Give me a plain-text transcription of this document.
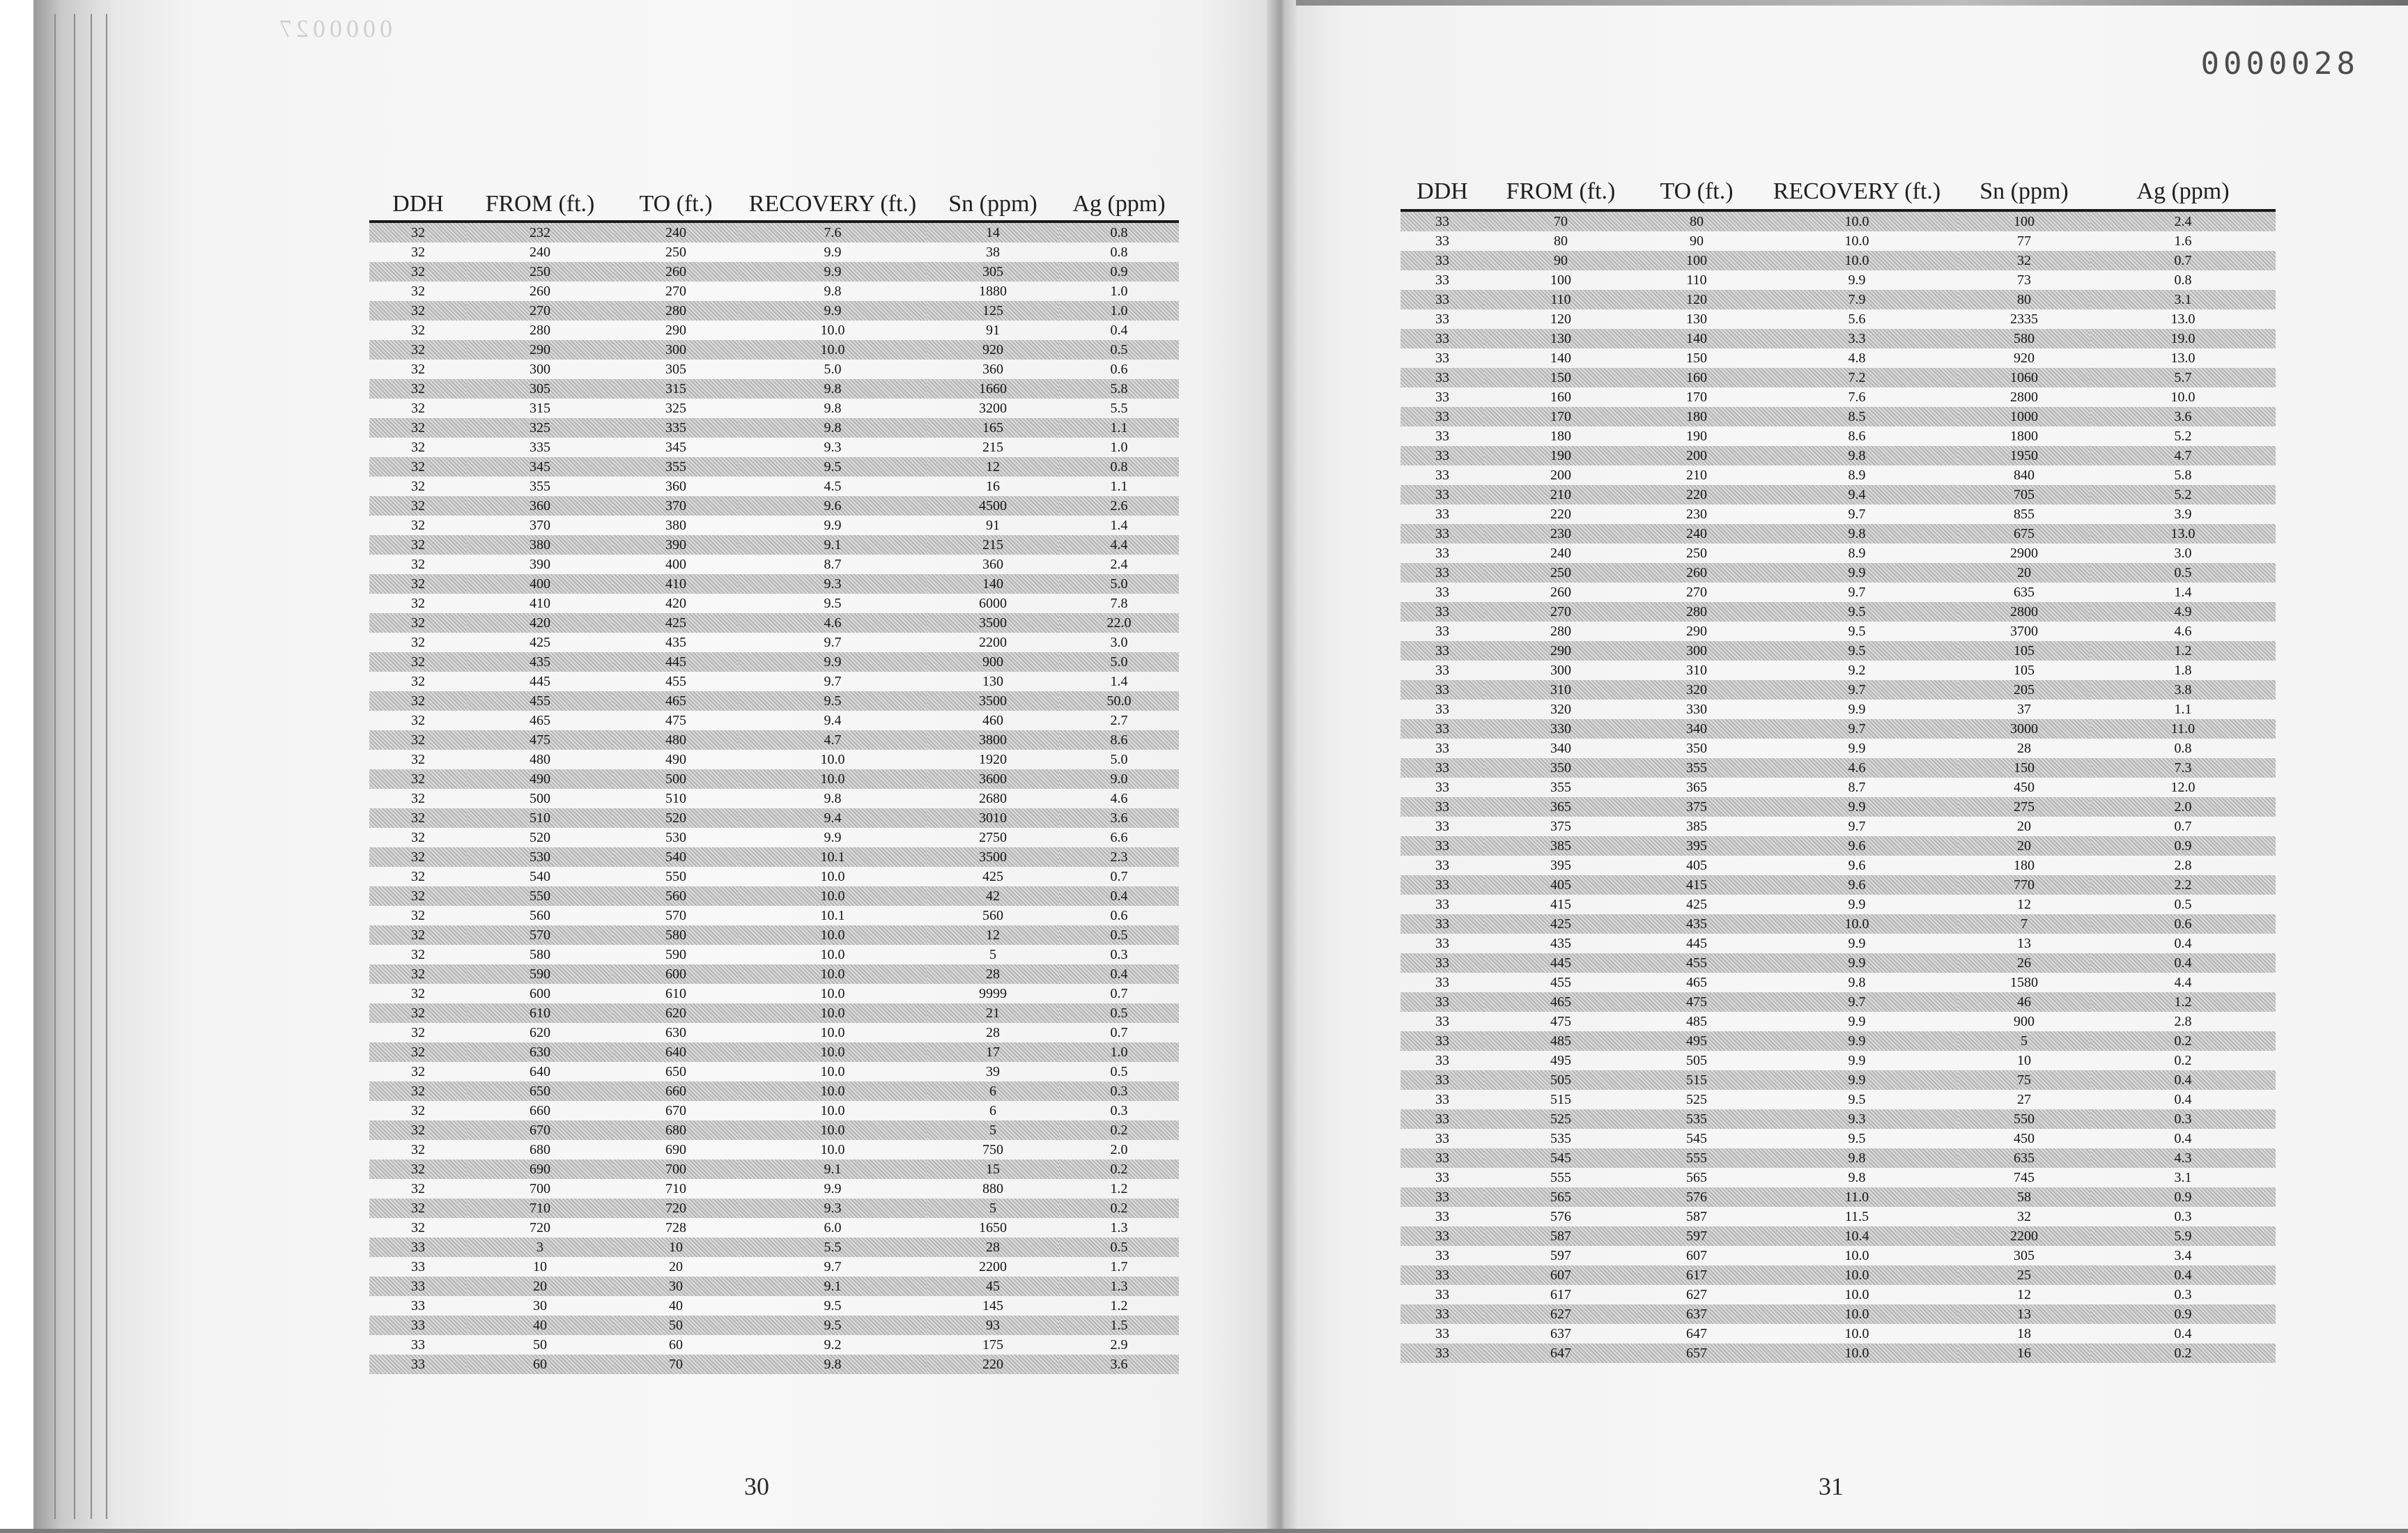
0000027
0000028
DDH	FROM (ft.)	TO (ft.)	RECOVERY (ft.)	Sn (ppm)	Ag (ppm)
32	232	240	7.6	14	0.8
32	240	250	9.9	38	0.8
32	250	260	9.9	305	0.9
32	260	270	9.8	1880	1.0
32	270	280	9.9	125	1.0
32	280	290	10.0	91	0.4
32	290	300	10.0	920	0.5
32	300	305	5.0	360	0.6
32	305	315	9.8	1660	5.8
32	315	325	9.8	3200	5.5
32	325	335	9.8	165	1.1
32	335	345	9.3	215	1.0
32	345	355	9.5	12	0.8
32	355	360	4.5	16	1.1
32	360	370	9.6	4500	2.6
32	370	380	9.9	91	1.4
32	380	390	9.1	215	4.4
32	390	400	8.7	360	2.4
32	400	410	9.3	140	5.0
32	410	420	9.5	6000	7.8
32	420	425	4.6	3500	22.0
32	425	435	9.7	2200	3.0
32	435	445	9.9	900	5.0
32	445	455	9.7	130	1.4
32	455	465	9.5	3500	50.0
32	465	475	9.4	460	2.7
32	475	480	4.7	3800	8.6
32	480	490	10.0	1920	5.0
32	490	500	10.0	3600	9.0
32	500	510	9.8	2680	4.6
32	510	520	9.4	3010	3.6
32	520	530	9.9	2750	6.6
32	530	540	10.1	3500	2.3
32	540	550	10.0	425	0.7
32	550	560	10.0	42	0.4
32	560	570	10.1	560	0.6
32	570	580	10.0	12	0.5
32	580	590	10.0	5	0.3
32	590	600	10.0	28	0.4
32	600	610	10.0	9999	0.7
32	610	620	10.0	21	0.5
32	620	630	10.0	28	0.7
32	630	640	10.0	17	1.0
32	640	650	10.0	39	0.5
32	650	660	10.0	6	0.3
32	660	670	10.0	6	0.3
32	670	680	10.0	5	0.2
32	680	690	10.0	750	2.0
32	690	700	9.1	15	0.2
32	700	710	9.9	880	1.2
32	710	720	9.3	5	0.2
32	720	728	6.0	1650	1.3
33	3	10	5.5	28	0.5
33	10	20	9.7	2200	1.7
33	20	30	9.1	45	1.3
33	30	40	9.5	145	1.2
33	40	50	9.5	93	1.5
33	50	60	9.2	175	2.9
33	60	70	9.8	220	3.6
DDH	FROM (ft.)	TO (ft.)	RECOVERY (ft.)	Sn (ppm)	Ag (ppm)
33	70	80	10.0	100	2.4
33	80	90	10.0	77	1.6
33	90	100	10.0	32	0.7
33	100	110	9.9	73	0.8
33	110	120	7.9	80	3.1
33	120	130	5.6	2335	13.0
33	130	140	3.3	580	19.0
33	140	150	4.8	920	13.0
33	150	160	7.2	1060	5.7
33	160	170	7.6	2800	10.0
33	170	180	8.5	1000	3.6
33	180	190	8.6	1800	5.2
33	190	200	9.8	1950	4.7
33	200	210	8.9	840	5.8
33	210	220	9.4	705	5.2
33	220	230	9.7	855	3.9
33	230	240	9.8	675	13.0
33	240	250	8.9	2900	3.0
33	250	260	9.9	20	0.5
33	260	270	9.7	635	1.4
33	270	280	9.5	2800	4.9
33	280	290	9.5	3700	4.6
33	290	300	9.5	105	1.2
33	300	310	9.2	105	1.8
33	310	320	9.7	205	3.8
33	320	330	9.9	37	1.1
33	330	340	9.7	3000	11.0
33	340	350	9.9	28	0.8
33	350	355	4.6	150	7.3
33	355	365	8.7	450	12.0
33	365	375	9.9	275	2.0
33	375	385	9.7	20	0.7
33	385	395	9.6	20	0.9
33	395	405	9.6	180	2.8
33	405	415	9.6	770	2.2
33	415	425	9.9	12	0.5
33	425	435	10.0	7	0.6
33	435	445	9.9	13	0.4
33	445	455	9.9	26	0.4
33	455	465	9.8	1580	4.4
33	465	475	9.7	46	1.2
33	475	485	9.9	900	2.8
33	485	495	9.9	5	0.2
33	495	505	9.9	10	0.2
33	505	515	9.9	75	0.4
33	515	525	9.5	27	0.4
33	525	535	9.3	550	0.3
33	535	545	9.5	450	0.4
33	545	555	9.8	635	4.3
33	555	565	9.8	745	3.1
33	565	576	11.0	58	0.9
33	576	587	11.5	32	0.3
33	587	597	10.4	2200	5.9
33	597	607	10.0	305	3.4
33	607	617	10.0	25	0.4
33	617	627	10.0	12	0.3
33	627	637	10.0	13	0.9
33	637	647	10.0	18	0.4
33	647	657	10.0	16	0.2
30	31
